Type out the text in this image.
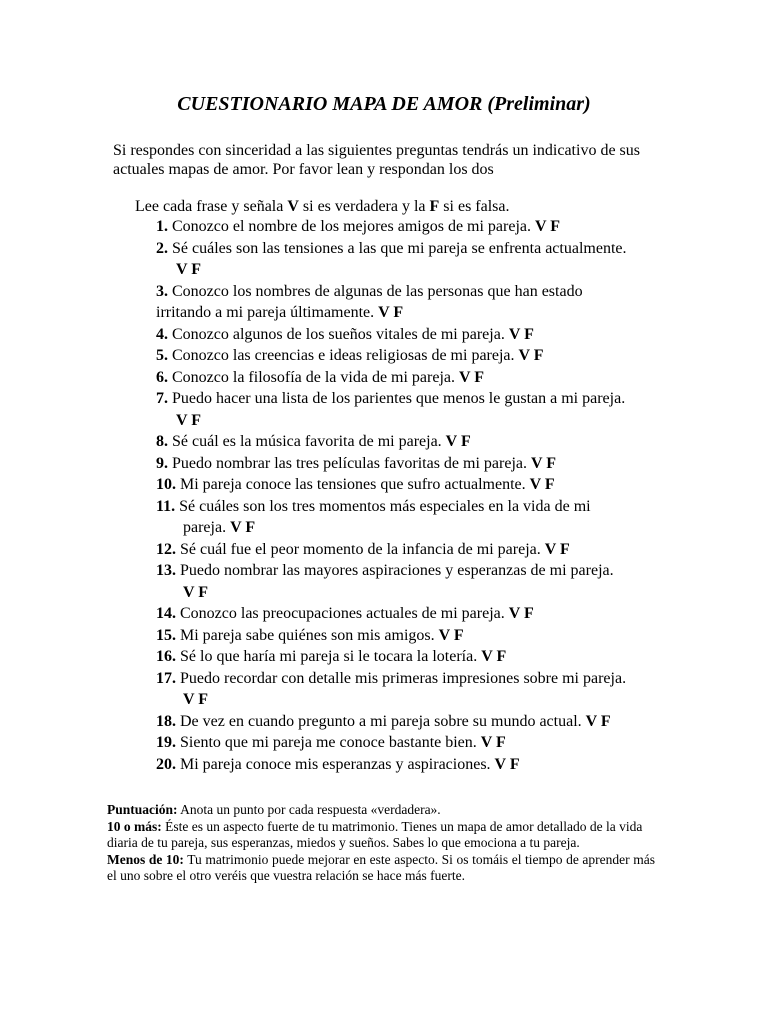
CUESTIONARIO MAPA DE AMOR (Preliminar)

Si respondes con sinceridad a las siguientes preguntas tendrás un indicativo de sus actuales mapas de amor. Por favor lean y respondan los dos

Lee cada frase y señala V si es verdadera y la F si es falsa.

1. Conozco el nombre de los mejores amigos de mi pareja. V F
2. Sé cuáles son las tensiones a las que mi pareja se enfrenta actualmente.
V F
3. Conozco los nombres de algunas de las personas que han estado
irritando a mi pareja últimamente. V F
4. Conozco algunos de los sueños vitales de mi pareja. V F
5. Conozco las creencias e ideas religiosas de mi pareja. V F
6. Conozco la filosofía de la vida de mi pareja. V F
7. Puedo hacer una lista de los parientes que menos le gustan a mi pareja.
V F
8. Sé cuál es la música favorita de mi pareja. V F
9. Puedo nombrar las tres películas favoritas de mi pareja. V F
10. Mi pareja conoce las tensiones que sufro actualmente. V F
11. Sé cuáles son los tres momentos más especiales en la vida de mi
pareja. V F
12. Sé cuál fue el peor momento de la infancia de mi pareja. V F
13. Puedo nombrar las mayores aspiraciones y esperanzas de mi pareja.
V F
14. Conozco las preocupaciones actuales de mi pareja. V F
15. Mi pareja sabe quiénes son mis amigos. V F
16. Sé lo que haría mi pareja si le tocara la lotería. V F
17. Puedo recordar con detalle mis primeras impresiones sobre mi pareja.
V F
18. De vez en cuando pregunto a mi pareja sobre su mundo actual. V F
19. Siento que mi pareja me conoce bastante bien. V F
20. Mi pareja conoce mis esperanzas y aspiraciones. V F

Puntuación: Anota un punto por cada respuesta «verdadera».

10 o más: Éste es un aspecto fuerte de tu matrimonio. Tienes un mapa de amor detallado de la vida diaria de tu pareja, sus esperanzas, miedos y sueños. Sabes lo que emociona a tu pareja.

Menos de 10: Tu matrimonio puede mejorar en este aspecto. Si os tomáis el tiempo de aprender más el uno sobre el otro veréis que vuestra relación se hace más fuerte.
